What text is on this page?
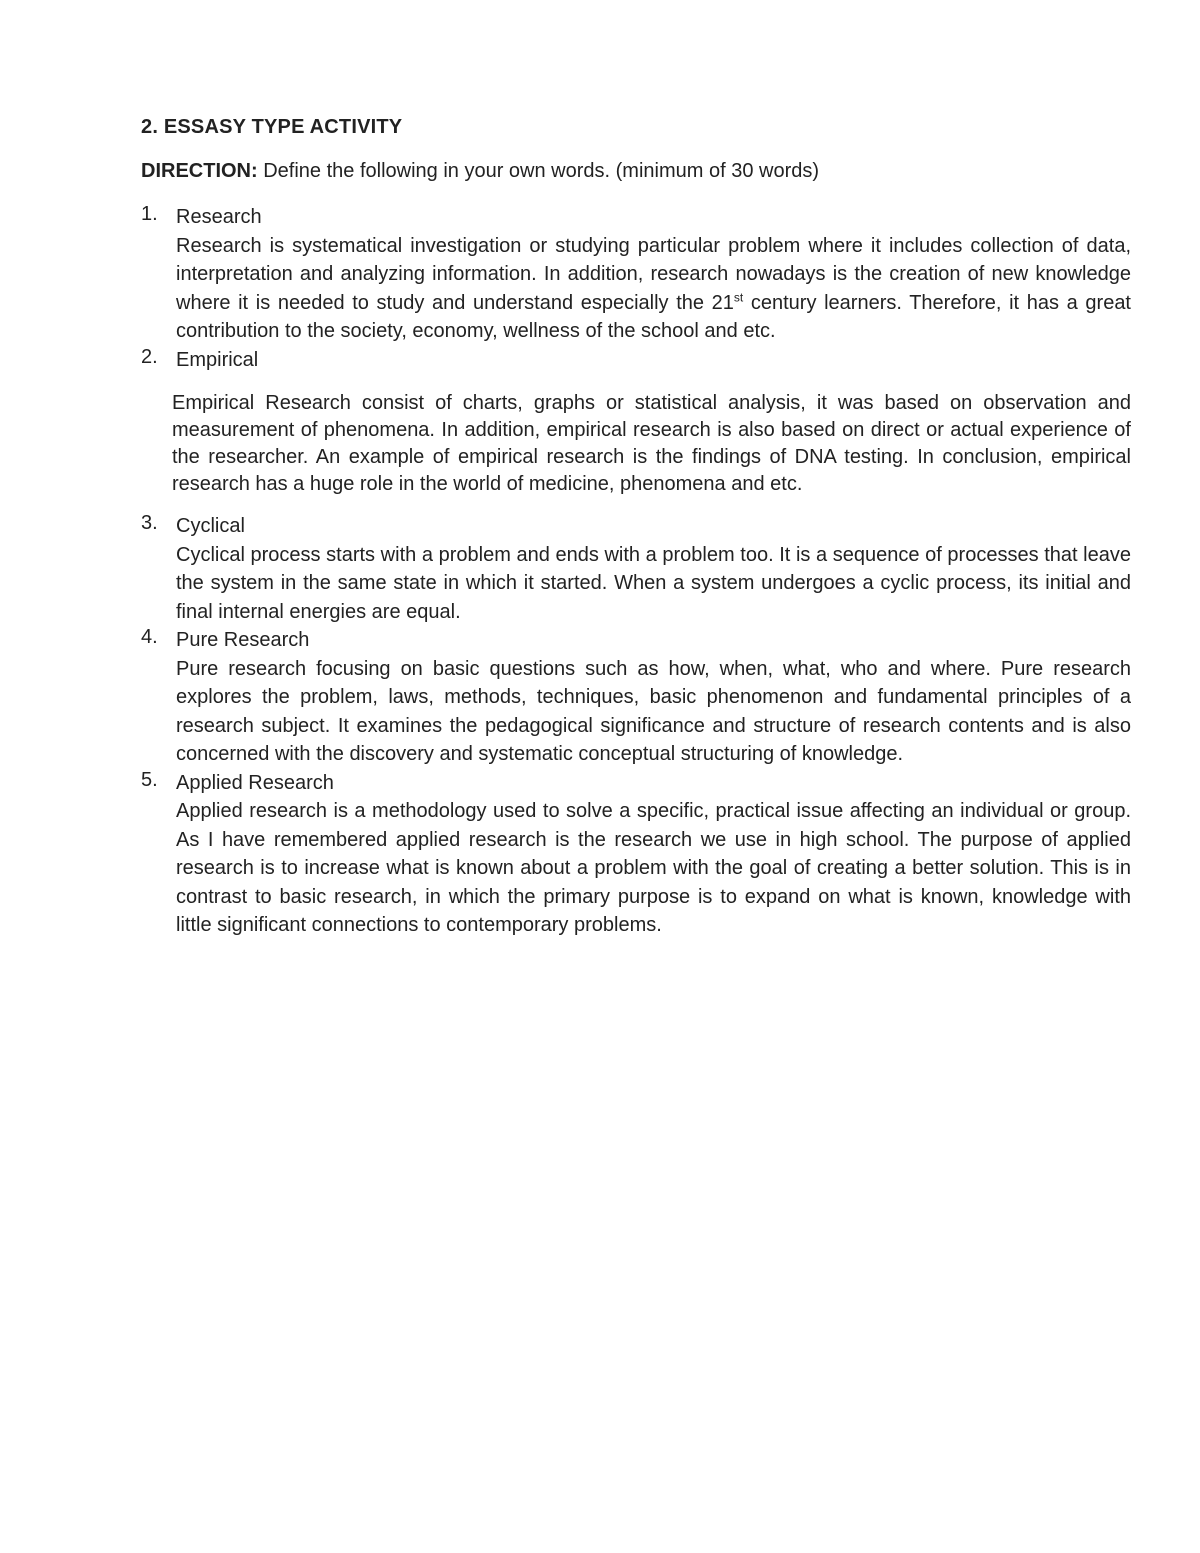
2. ESSASY TYPE ACTIVITY

DIRECTION: Define the following in your own words. (minimum of 30 words)

1. Research

Research is systematical investigation or studying particular problem where it includes collection of data, interpretation and analyzing information. In addition, research nowadays is the creation of new knowledge where it is needed to study and understand especially the 21st century learners. Therefore, it has a great contribution to the society, economy, wellness of the school and etc.

2. Empirical

Empirical Research consist of charts, graphs or statistical analysis, it was based on observation and measurement of phenomena. In addition, empirical research is also based on direct or actual experience of the researcher. An example of empirical research is the findings of DNA testing. In conclusion, empirical research has a huge role in the world of medicine, phenomena and etc.

3. Cyclical

Cyclical process starts with a problem and ends with a problem too. It is a sequence of processes that leave the system in the same state in which it started. When a system undergoes a cyclic process, its initial and final internal energies are equal.

4. Pure Research

Pure research focusing on basic questions such as how, when, what, who and where. Pure research explores the problem, laws, methods, techniques, basic phenomenon and fundamental principles of a research subject. It examines the pedagogical significance and structure of research contents and is also concerned with the discovery and systematic conceptual structuring of knowledge.

5. Applied Research

Applied research is a methodology used to solve a specific, practical issue affecting an individual or group. As I have remembered applied research is the research we use in high school. The purpose of applied research is to increase what is known about a problem with the goal of creating a better solution. This is in contrast to basic research, in which the primary purpose is to expand on what is known, knowledge with little significant connections to contemporary problems.
